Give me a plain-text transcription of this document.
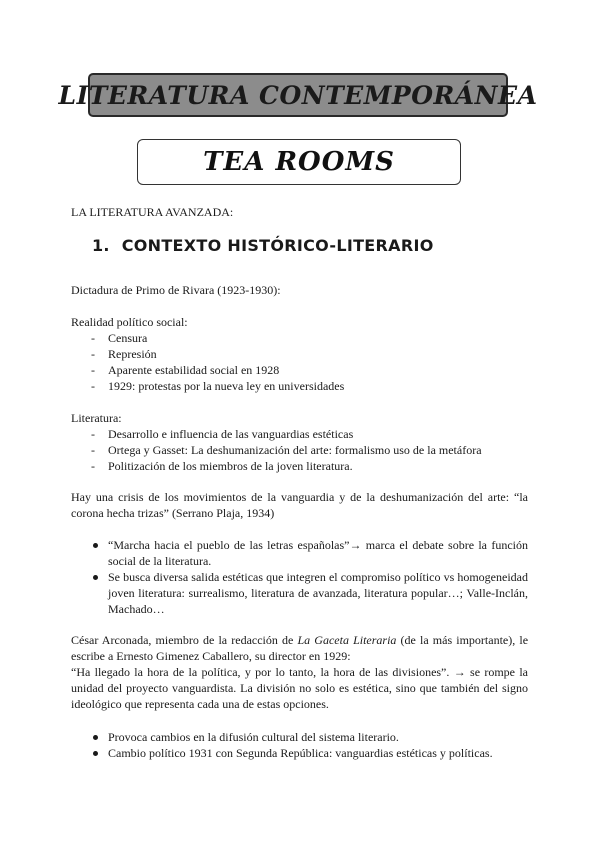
LITERATURA CONTEMPORÁNEA
TEA ROOMS
LA LITERATURA AVANZADA:
1. CONTEXTO HISTÓRICO-LITERARIO
Dictadura de Primo de Rivara (1923-1930):
Realidad político social:
- Censura
- Represión
- Aparente estabilidad social en 1928
- 1929: protestas por la nueva ley en universidades
Literatura:
- Desarrollo e influencia de las vanguardias estéticas
- Ortega y Gasset: La deshumanización del arte: formalismo uso de la metáfora
- Politización de los miembros de la joven literatura.
Hay una crisis de los movimientos de la vanguardia y de la deshumanización del arte: “la corona hecha trizas” (Serrano Plaja, 1934)
“Marcha hacia el pueblo de las letras españolas”→ marca el debate sobre la función social de la literatura.
Se busca diversa salida estéticas que integren el compromiso político vs homogeneidad joven literatura: surrealismo, literatura de avanzada, literatura popular…; Valle-Inclán, Machado…
César Arconada, miembro de la redacción de La Gaceta Literaria (de la más importante), le escribe a Ernesto Gimenez Caballero, su director en 1929:
“Ha llegado la hora de la política, y por lo tanto, la hora de las divisiones”. → se rompe la unidad del proyecto vanguardista. La división no solo es estética, sino que también del signo ideológico que representa cada una de estas opciones.
Provoca cambios en la difusión cultural del sistema literario.
Cambio político 1931 con Segunda República: vanguardias estéticas y políticas.
